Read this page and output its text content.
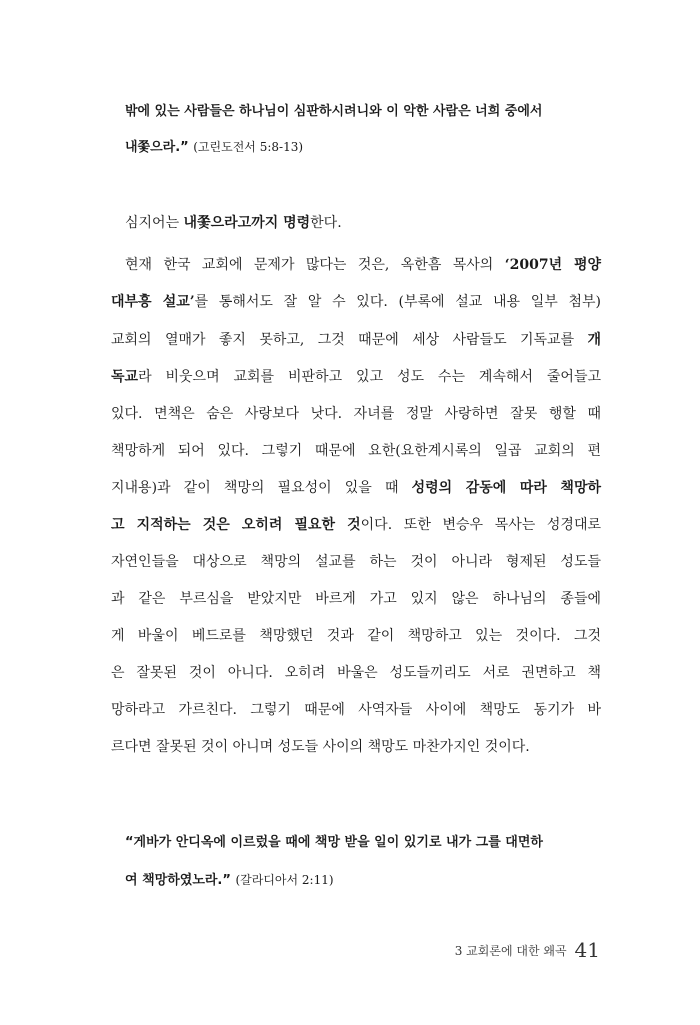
밖에 있는 사람들은 하나님이 심판하시려니와 이 악한 사람은 너희 중에서
내쫓으라.” (고린도전서 5:8-13)
심지어는 내쫓으라고까지 명령한다.
현재 한국 교회에 문제가 많다는 것은, 옥한흠 목사의 ‘2007년 평양
대부흥 설교’를 통해서도 잘 알 수 있다. (부록에 설교 내용 일부 첨부)
교회의 열매가 좋지 못하고, 그것 때문에 세상 사람들도 기독교를 개
독교라 비웃으며 교회를 비판하고 있고 성도 수는 계속해서 줄어들고
있다. 면책은 숨은 사랑보다 낫다. 자녀를 정말 사랑하면 잘못 행할 때
책망하게 되어 있다. 그렇기 때문에 요한(요한계시록의 일곱 교회의 편
지내용)과 같이 책망의 필요성이 있을 때 성령의 감동에 따라 책망하
고 지적하는 것은 오히려 필요한 것이다. 또한 변승우 목사는 성경대로
자연인들을 대상으로 책망의 설교를 하는 것이 아니라 형제된 성도들
과 같은 부르심을 받았지만 바르게 가고 있지 않은 하나님의 종들에
게 바울이 베드로를 책망했던 것과 같이 책망하고 있는 것이다. 그것
은 잘못된 것이 아니다. 오히려 바울은 성도들끼리도 서로 권면하고 책
망하라고 가르친다. 그렇기 때문에 사역자들 사이에 책망도 동기가 바
르다면 잘못된 것이 아니며 성도들 사이의 책망도 마찬가지인 것이다.
“게바가 안디옥에 이르렀을 때에 책망 받을 일이 있기로 내가 그를 대면하
여 책망하였노라.” (갈라디아서 2:11)
3 교회론에 대한 왜곡 41
